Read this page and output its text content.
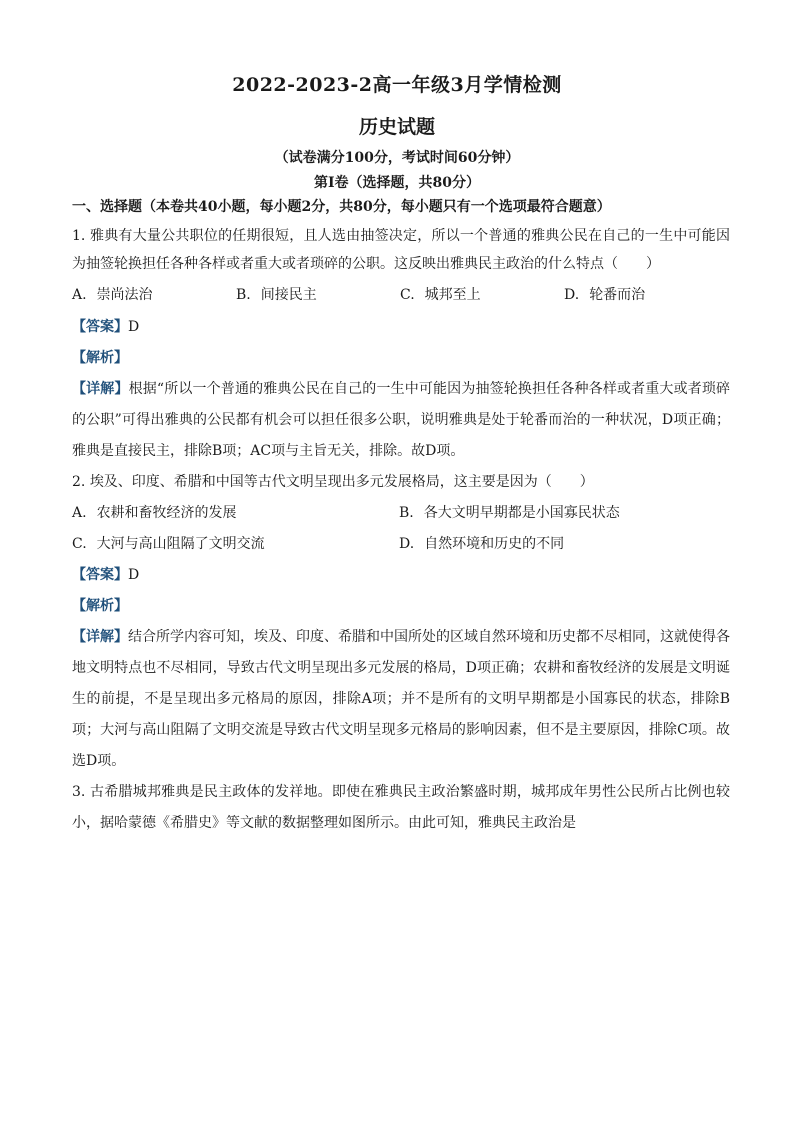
2022-2023-2高一年级3月学情检测
历史试题
（试卷满分100分，考试时间60分钟）
第Ⅰ卷（选择题，共80分）
一、选择题（本卷共40小题，每小题2分，共80分，每小题只有一个选项最符合题意）

1. 雅典有大量公共职位的任期很短，且人选由抽签决定，所以一个普通的雅典公民在自己的一生中可能因为抽签轮换担任各种各样或者重大或者琐碎的公职。这反映出雅典民主政治的什么特点（　　）

A. 崇尚法治	B. 间接民主	C. 城邦至上	D. 轮番而治
【答案】D
【解析】

【详解】根据“所以一个普通的雅典公民在自己的一生中可能因为抽签轮换担任各种各样或者重大或者琐碎的公职”可得出雅典的公民都有机会可以担任很多公职，说明雅典是处于轮番而治的一种状况，D项正确；雅典是直接民主，排除B项；AC项与主旨无关，排除。故D项。

2. 埃及、印度、希腊和中国等古代文明呈现出多元发展格局，这主要是因为（　　）

A. 农耕和畜牧经济的发展	B. 各大文明早期都是小国寡民状态
C. 大河与高山阻隔了文明交流	D. 自然环境和历史的不同
【答案】D
【解析】

【详解】结合所学内容可知，埃及、印度、希腊和中国所处的区域自然环境和历史都不尽相同，这就使得各地文明特点也不尽相同，导致古代文明呈现出多元发展的格局，D项正确；农耕和畜牧经济的发展是文明诞生的前提，不是呈现出多元格局的原因，排除A项；并不是所有的文明早期都是小国寡民的状态，排除B项；大河与高山阻隔了文明交流是导致古代文明呈现多元格局的影响因素，但不是主要原因，排除C项。故选D项。

3. 古希腊城邦雅典是民主政体的发祥地。即使在雅典民主政治繁盛时期，城邦成年男性公民所占比例也较小，据哈蒙德《希腊史》等文献的数据整理如图所示。由此可知，雅典民主政治是
